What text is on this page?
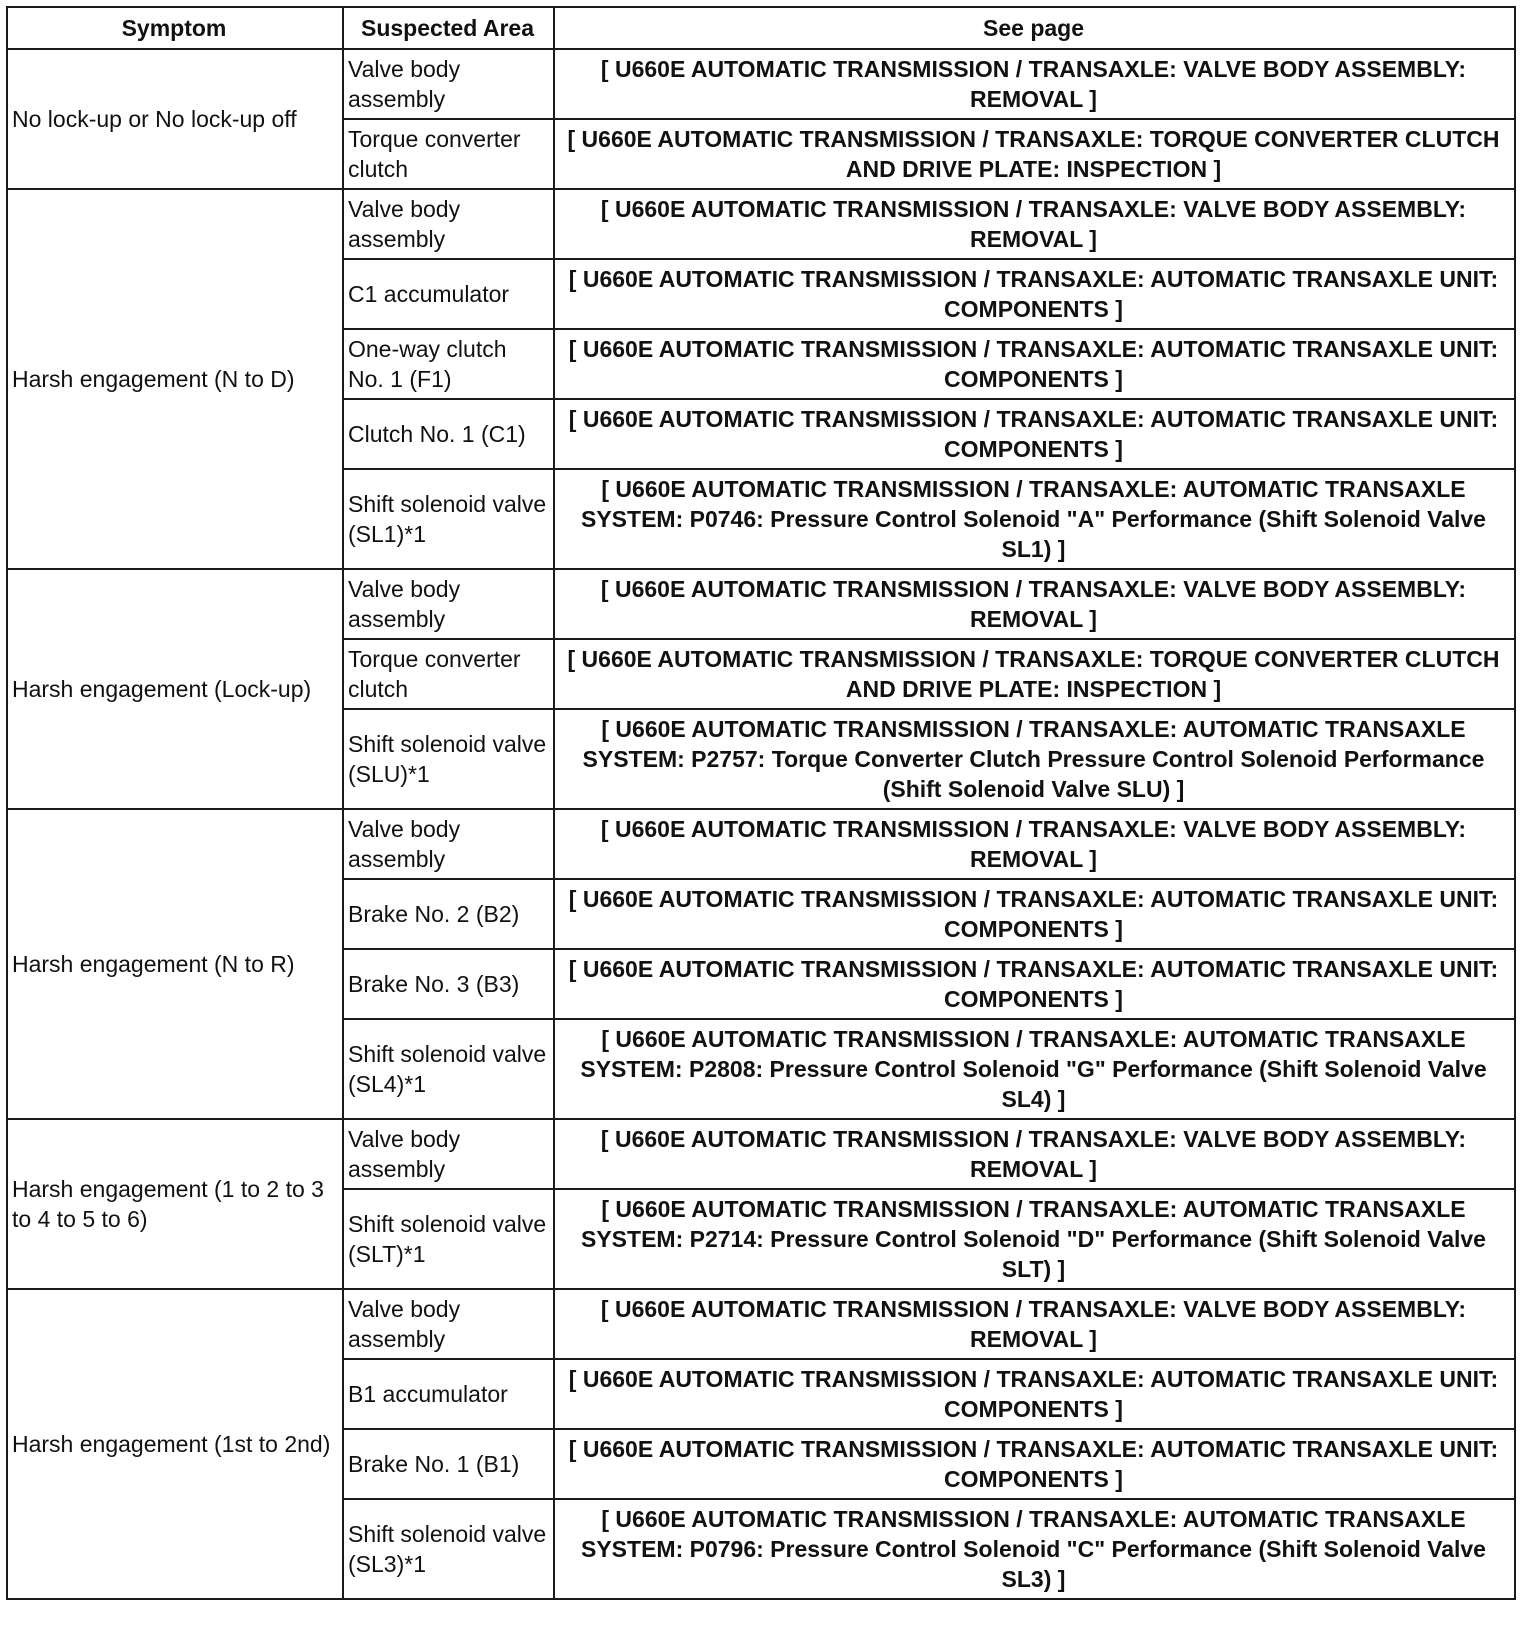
Symptom	Suspected Area	See page
No lock-up or No lock-up off	Valve body assembly	[ U660E AUTOMATIC TRANSMISSION / TRANSAXLE: VALVE BODY ASSEMBLY: REMOVAL ]
	Torque converter clutch	[ U660E AUTOMATIC TRANSMISSION / TRANSAXLE: TORQUE CONVERTER CLUTCH AND DRIVE PLATE: INSPECTION ]
Harsh engagement (N to D)	Valve body assembly	[ U660E AUTOMATIC TRANSMISSION / TRANSAXLE: VALVE BODY ASSEMBLY: REMOVAL ]
	C1 accumulator	[ U660E AUTOMATIC TRANSMISSION / TRANSAXLE: AUTOMATIC TRANSAXLE UNIT: COMPONENTS ]
	One-way clutch No. 1 (F1)	[ U660E AUTOMATIC TRANSMISSION / TRANSAXLE: AUTOMATIC TRANSAXLE UNIT: COMPONENTS ]
	Clutch No. 1 (C1)	[ U660E AUTOMATIC TRANSMISSION / TRANSAXLE: AUTOMATIC TRANSAXLE UNIT: COMPONENTS ]
	Shift solenoid valve (SL1)*1	[ U660E AUTOMATIC TRANSMISSION / TRANSAXLE: AUTOMATIC TRANSAXLE SYSTEM: P0746: Pressure Control Solenoid "A" Performance (Shift Solenoid Valve SL1) ]
Harsh engagement (Lock-up)	Valve body assembly	[ U660E AUTOMATIC TRANSMISSION / TRANSAXLE: VALVE BODY ASSEMBLY: REMOVAL ]
	Torque converter clutch	[ U660E AUTOMATIC TRANSMISSION / TRANSAXLE: TORQUE CONVERTER CLUTCH AND DRIVE PLATE: INSPECTION ]
	Shift solenoid valve (SLU)*1	[ U660E AUTOMATIC TRANSMISSION / TRANSAXLE: AUTOMATIC TRANSAXLE SYSTEM: P2757: Torque Converter Clutch Pressure Control Solenoid Performance (Shift Solenoid Valve SLU) ]
Harsh engagement (N to R)	Valve body assembly	[ U660E AUTOMATIC TRANSMISSION / TRANSAXLE: VALVE BODY ASSEMBLY: REMOVAL ]
	Brake No. 2 (B2)	[ U660E AUTOMATIC TRANSMISSION / TRANSAXLE: AUTOMATIC TRANSAXLE UNIT: COMPONENTS ]
	Brake No. 3 (B3)	[ U660E AUTOMATIC TRANSMISSION / TRANSAXLE: AUTOMATIC TRANSAXLE UNIT: COMPONENTS ]
	Shift solenoid valve (SL4)*1	[ U660E AUTOMATIC TRANSMISSION / TRANSAXLE: AUTOMATIC TRANSAXLE SYSTEM: P2808: Pressure Control Solenoid "G" Performance (Shift Solenoid Valve SL4) ]
Harsh engagement (1 to 2 to 3 to 4 to 5 to 6)	Valve body assembly	[ U660E AUTOMATIC TRANSMISSION / TRANSAXLE: VALVE BODY ASSEMBLY: REMOVAL ]
	Shift solenoid valve (SLT)*1	[ U660E AUTOMATIC TRANSMISSION / TRANSAXLE: AUTOMATIC TRANSAXLE SYSTEM: P2714: Pressure Control Solenoid "D" Performance (Shift Solenoid Valve SLT) ]
Harsh engagement (1st to 2nd)	Valve body assembly	[ U660E AUTOMATIC TRANSMISSION / TRANSAXLE: VALVE BODY ASSEMBLY: REMOVAL ]
	B1 accumulator	[ U660E AUTOMATIC TRANSMISSION / TRANSAXLE: AUTOMATIC TRANSAXLE UNIT: COMPONENTS ]
	Brake No. 1 (B1)	[ U660E AUTOMATIC TRANSMISSION / TRANSAXLE: AUTOMATIC TRANSAXLE UNIT: COMPONENTS ]
	Shift solenoid valve (SL3)*1	[ U660E AUTOMATIC TRANSMISSION / TRANSAXLE: AUTOMATIC TRANSAXLE SYSTEM: P0796: Pressure Control Solenoid "C" Performance (Shift Solenoid Valve SL3) ]
